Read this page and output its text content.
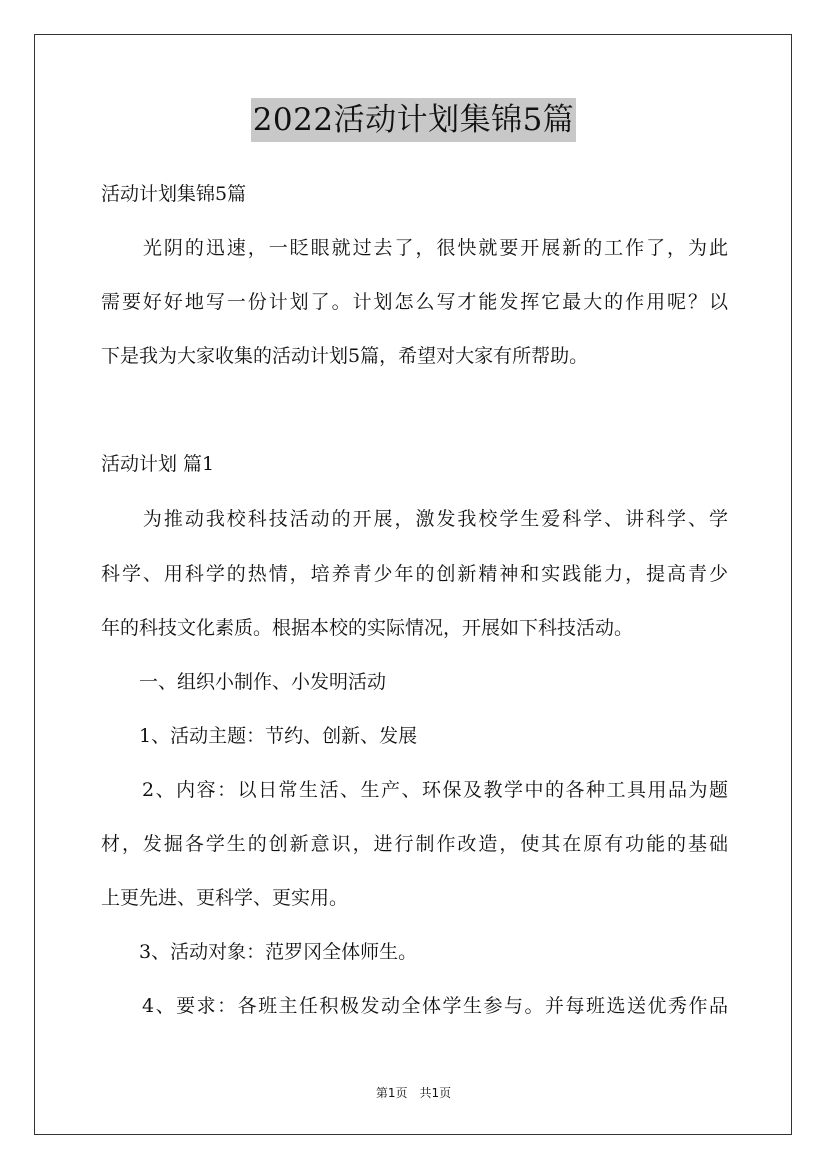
2022活动计划集锦5篇
活动计划集锦5篇
　　光阴的迅速，一眨眼就过去了，很快就要开展新的工作了，为此
需要好好地写一份计划了。计划怎么写才能发挥它最大的作用呢？以
下是我为大家收集的活动计划5篇，希望对大家有所帮助。
活动计划 篇1
　　为推动我校科技活动的开展，激发我校学生爱科学、讲科学、学
科学、用科学的热情，培养青少年的创新精神和实践能力，提高青少
年的科技文化素质。根据本校的实际情况，开展如下科技活动。
　　一、组织小制作、小发明活动
　　1、活动主题：节约、创新、发展
　　2、内容：以日常生活、生产、环保及教学中的各种工具用品为题
材，发掘各学生的创新意识，进行制作改造，使其在原有功能的基础
上更先进、更科学、更实用。
　　3、活动对象：范罗冈全体师生。
　　4、要求：各班主任积极发动全体学生参与。并每班选送优秀作品
第1页　共1页
